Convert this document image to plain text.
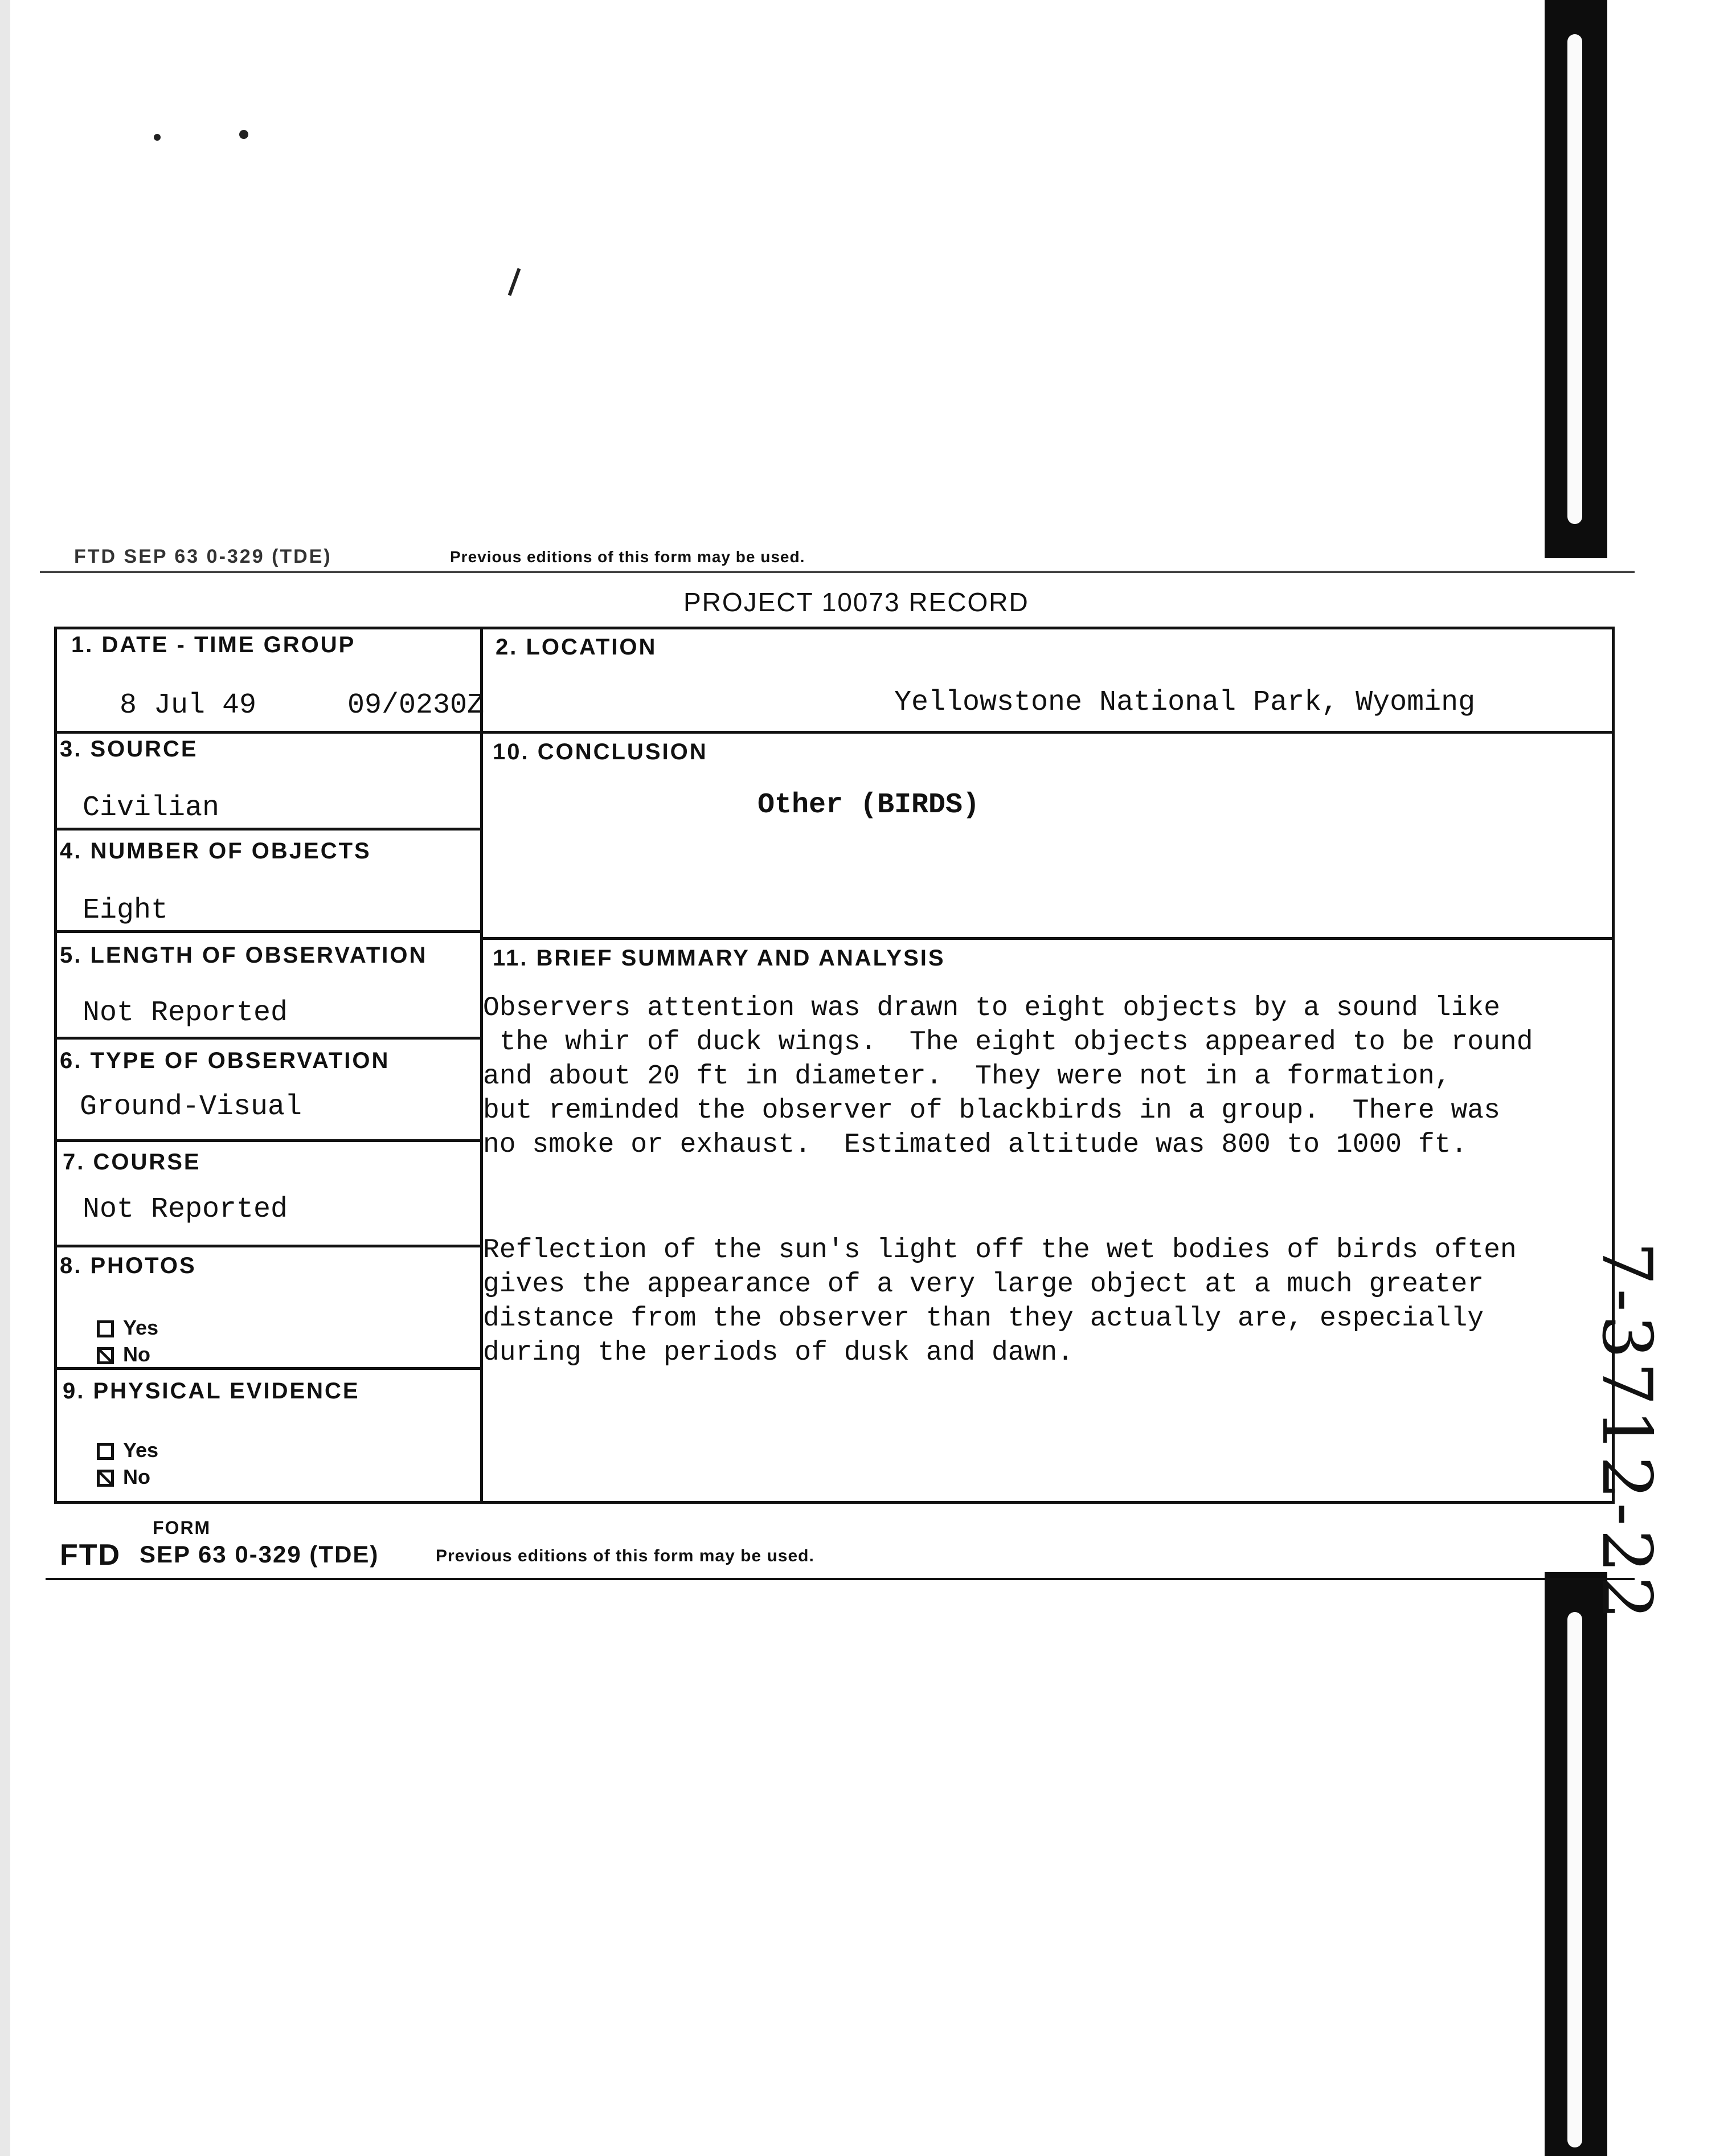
FTD SEP 63 0-329 (TDE)	Previous editions of this form may be used.
PROJECT 10073 RECORD
1. DATE - TIME GROUP
8 Jul 49	09/0230Z
2. LOCATION
Yellowstone National Park, Wyoming
3. SOURCE
Civilian
4. NUMBER OF OBJECTS
Eight
5. LENGTH OF OBSERVATION
Not Reported
6. TYPE OF OBSERVATION
Ground-Visual
7. COURSE
Not Reported
8. PHOTOS
Yes
No
9. PHYSICAL EVIDENCE
Yes
No
10. CONCLUSION
Other (BIRDS)
11. BRIEF SUMMARY AND ANALYSIS
Observers attention was drawn to eight objects by a sound like
the whir of duck wings.  The eight objects appeared to be round
and about 20 ft in diameter.  They were not in a formation,
but reminded the observer of blackbirds in a group.  There was
no smoke or exhaust.  Estimated altitude was 800 to 1000 ft.
Reflection of the sun's light off the wet bodies of birds often
gives the appearance of a very large object at a much greater
distance from the observer than they actually are, especially
during the periods of dusk and dawn.
FORM
FTD SEP 63 0-329 (TDE)	Previous editions of this form may be used.	7-3712-22
